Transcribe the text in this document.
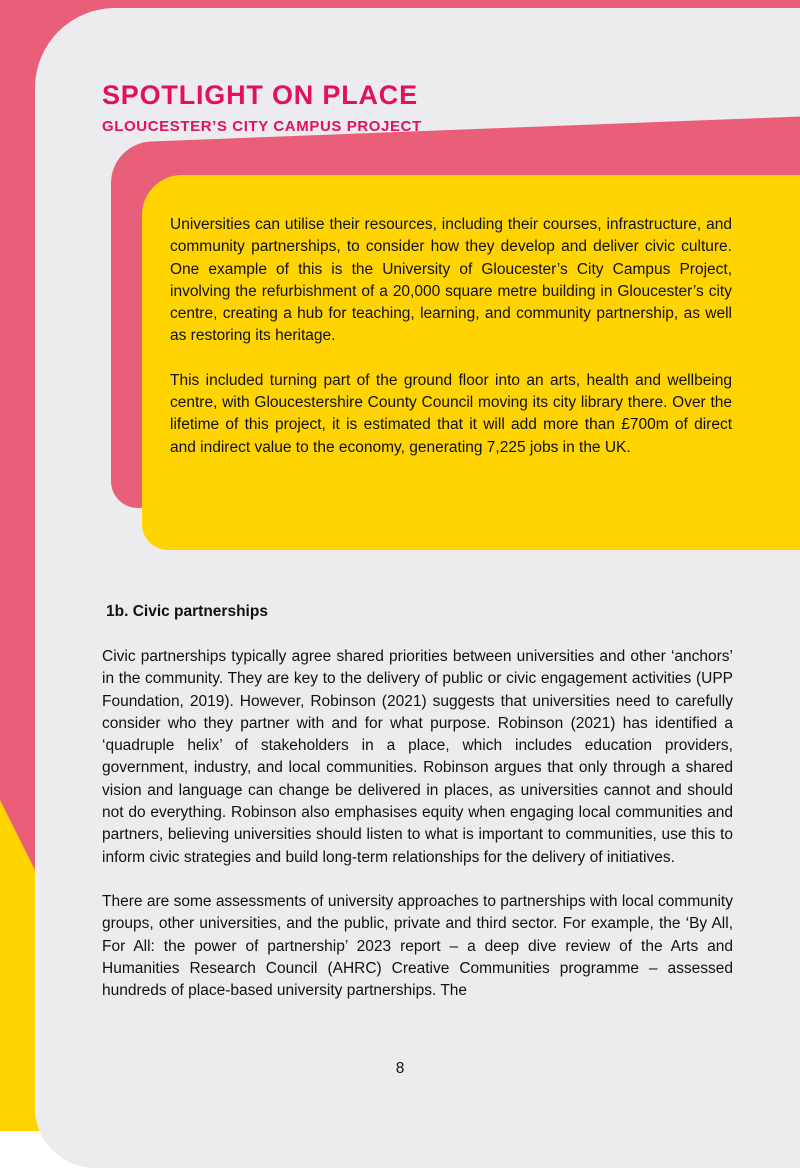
SPOTLIGHT ON PLACE
GLOUCESTER’S CITY CAMPUS PROJECT

Universities can utilise their resources, including their courses, infrastructure, and community partnerships, to consider how they develop and deliver civic culture. One example of this is the University of Gloucester’s City Campus Project, involving the refurbishment of a 20,000 square metre building in Gloucester’s city centre, creating a hub for teaching, learning, and community partnership, as well as restoring its heritage.

This included turning part of the ground floor into an arts, health and wellbeing centre, with Gloucestershire County Council moving its city library there. Over the lifetime of this project, it is estimated that it will add more than £700m of direct and indirect value to the economy, generating 7,225 jobs in the UK.

1b. Civic partnerships

Civic partnerships typically agree shared priorities between universities and other ‘anchors’ in the community. They are key to the delivery of public or civic engagement activities (UPP Foundation, 2019). However, Robinson (2021) suggests that universities need to carefully consider who they partner with and for what purpose. Robinson (2021) has identified a ‘quadruple helix’ of stakeholders in a place, which includes education providers, government, industry, and local communities. Robinson argues that only through a shared vision and language can change be delivered in places, as universities cannot and should not do everything. Robinson also emphasises equity when engaging local communities and partners, believing universities should listen to what is important to communities, use this to inform civic strategies and build long-term relationships for the delivery of initiatives.

There are some assessments of university approaches to partnerships with local community groups, other universities, and the public, private and third sector. For example, the ‘By All, For All: the power of partnership’ 2023 report – a deep dive review of the Arts and Humanities Research Council (AHRC) Creative Communities programme – assessed hundreds of place-based university partnerships. The

8
